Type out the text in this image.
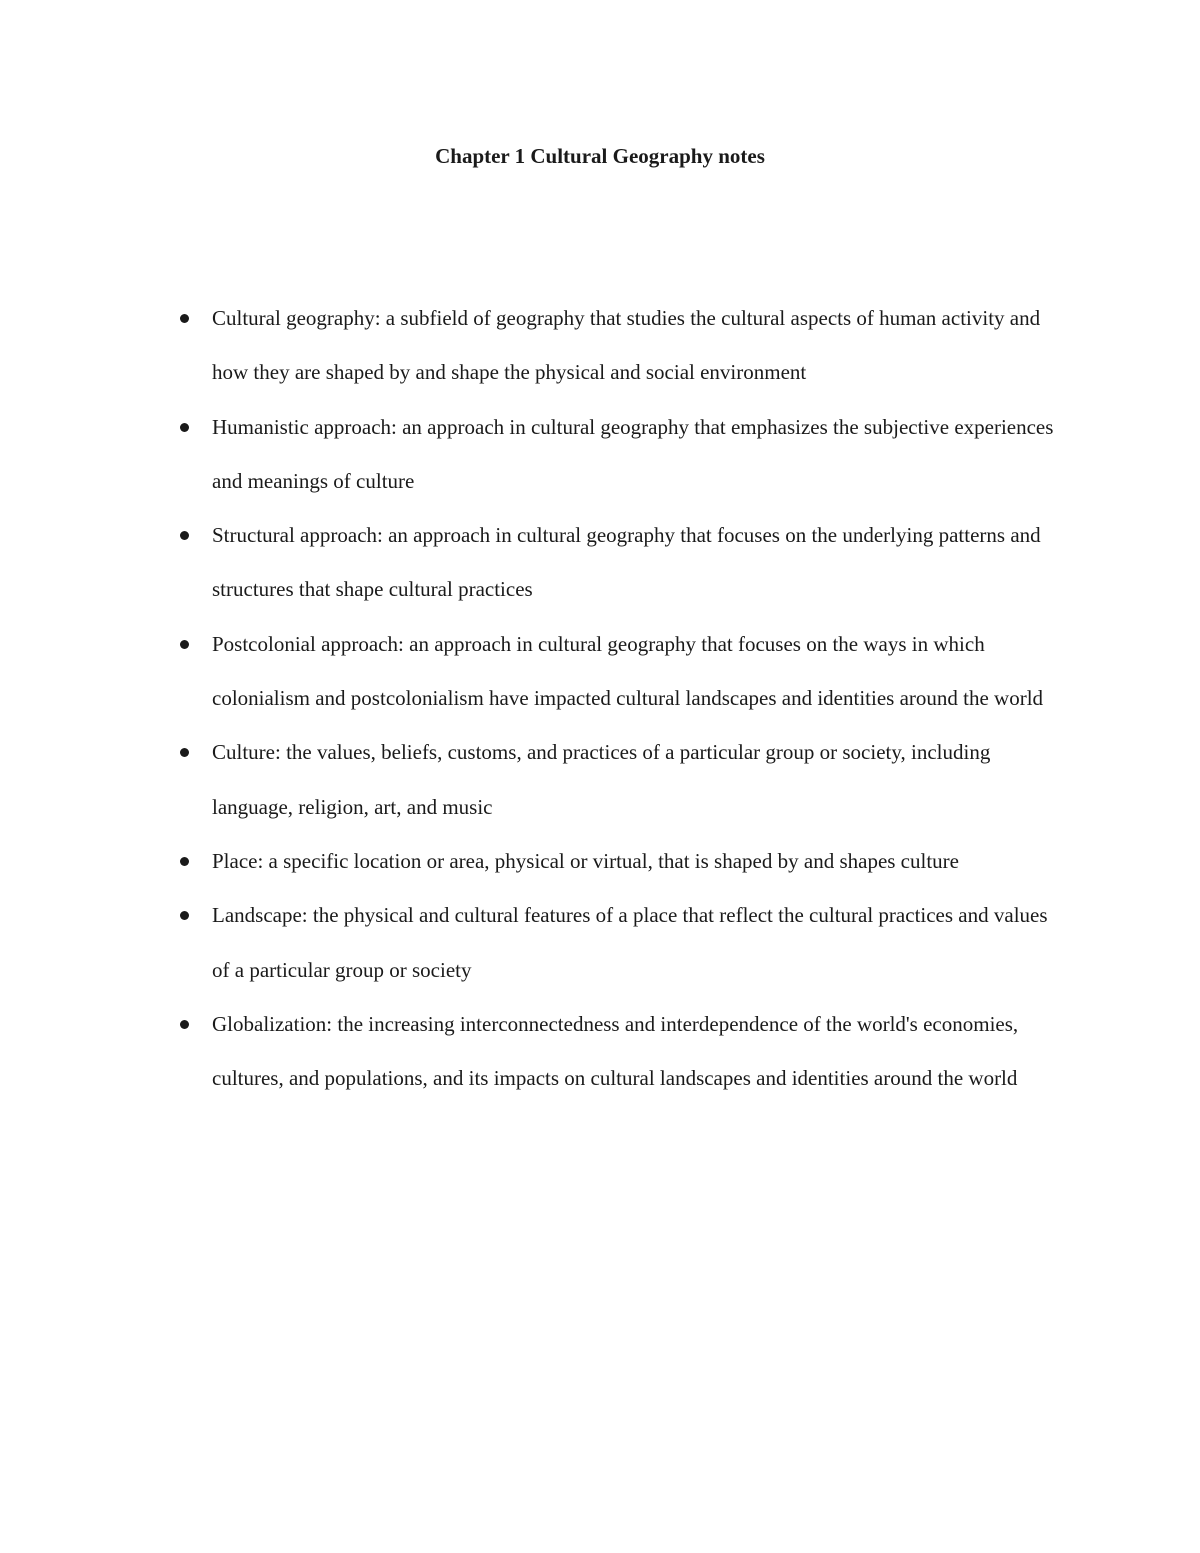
Chapter 1 Cultural Geography notes
Cultural geography: a subfield of geography that studies the cultural aspects of human activity and how they are shaped by and shape the physical and social environment
Humanistic approach: an approach in cultural geography that emphasizes the subjective experiences and meanings of culture
Structural approach: an approach in cultural geography that focuses on the underlying patterns and structures that shape cultural practices
Postcolonial approach: an approach in cultural geography that focuses on the ways in which colonialism and postcolonialism have impacted cultural landscapes and identities around the world
Culture: the values, beliefs, customs, and practices of a particular group or society, including language, religion, art, and music
Place: a specific location or area, physical or virtual, that is shaped by and shapes culture
Landscape: the physical and cultural features of a place that reflect the cultural practices and values of a particular group or society
Globalization: the increasing interconnectedness and interdependence of the world's economies, cultures, and populations, and its impacts on cultural landscapes and identities around the world
